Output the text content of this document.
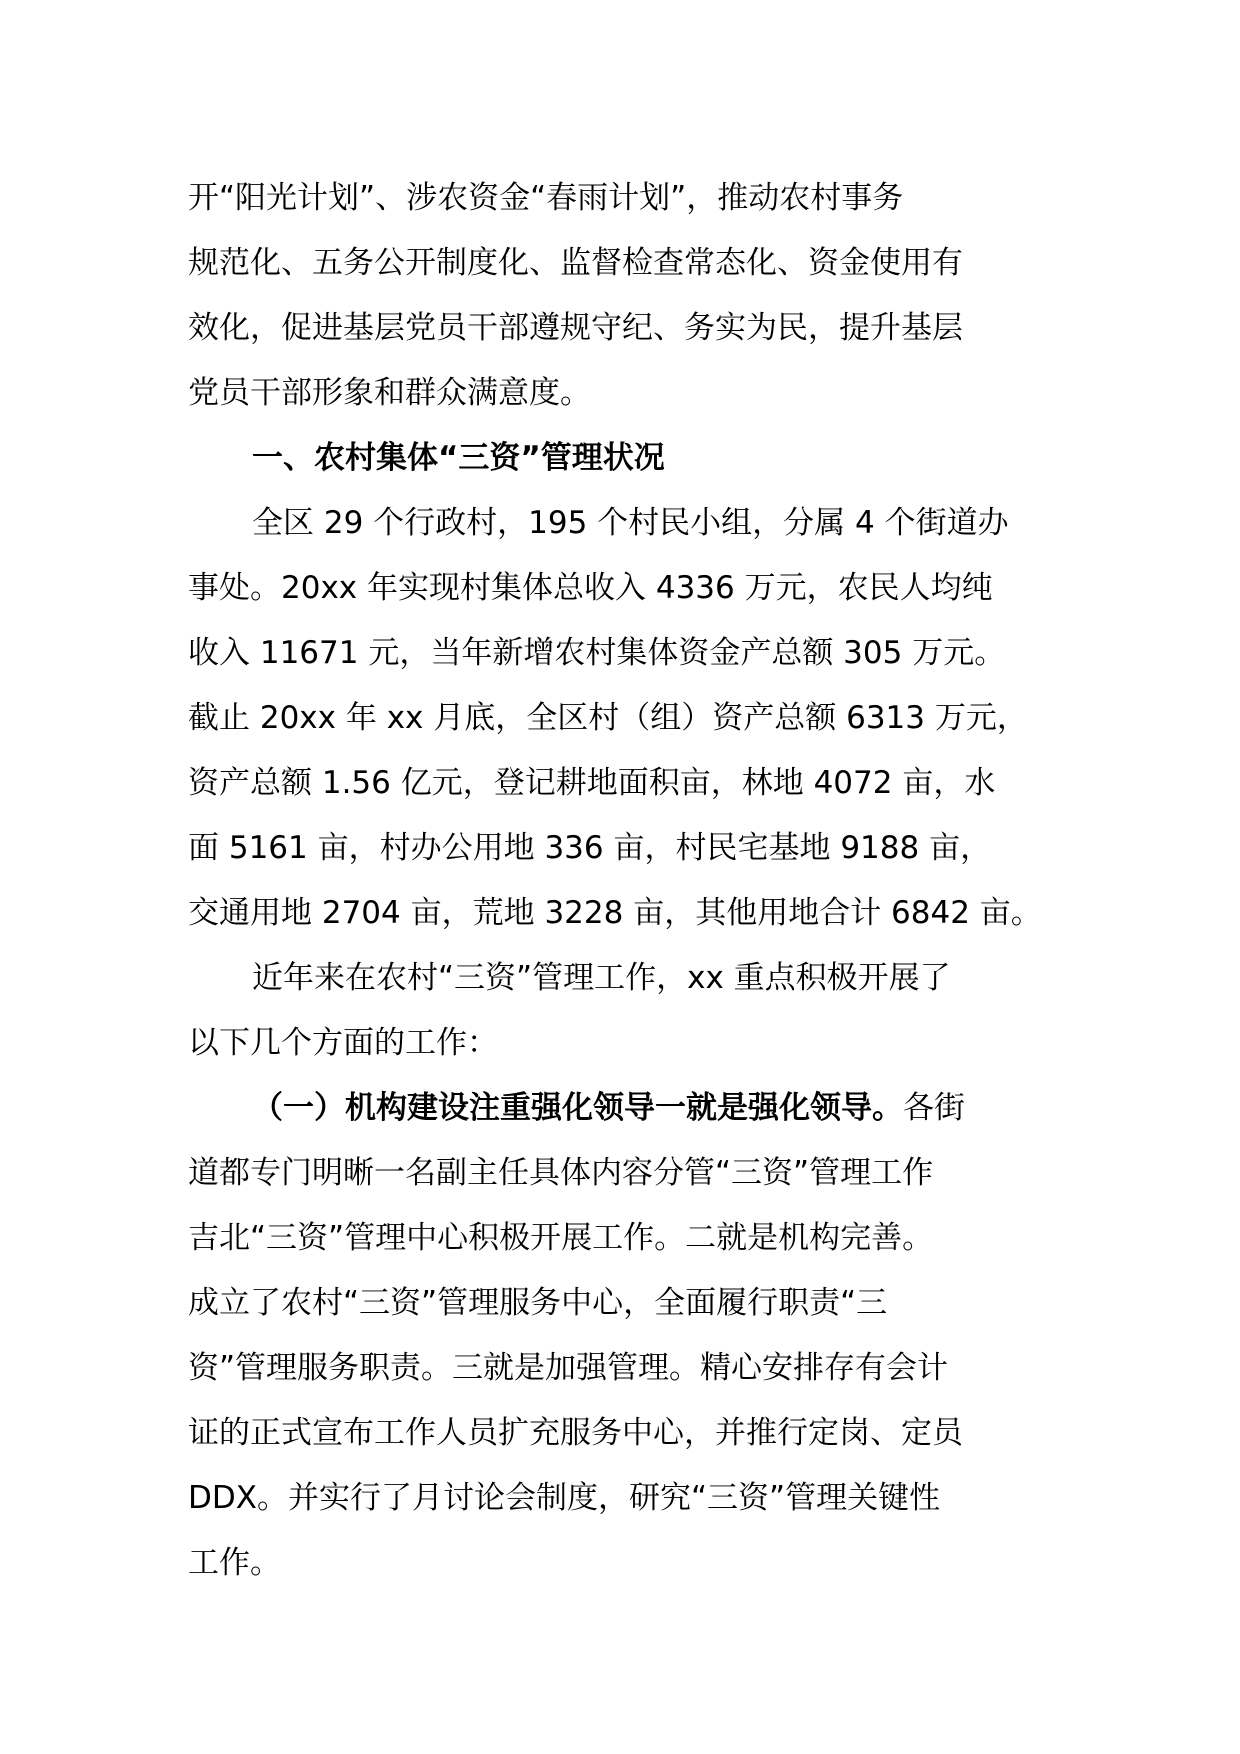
开“阳光计划”、涉农资金“春雨计划”，推动农村事务
规范化、五务公开制度化、监督检查常态化、资金使用有
效化，促进基层党员干部遵规守纪、务实为民，提升基层
党员干部形象和群众满意度。
一、农村集体“三资”管理状况
全区 29 个行政村，195 个村民小组，分属 4 个街道办
事处。20xx 年实现村集体总收入 4336 万元，农民人均纯
收入 11671 元，当年新增农村集体资金产总额 305 万元。
截止 20xx 年 xx 月底，全区村（组）资产总额 6313 万元，
资产总额 1.56 亿元，登记耕地面积亩，林地 4072 亩，水
面 5161 亩，村办公用地 336 亩，村民宅基地 9188 亩，
交通用地 2704 亩，荒地 3228 亩，其他用地合计 6842 亩。
近年来在农村“三资”管理工作，xx 重点积极开展了
以下几个方面的工作：
（一）机构建设注重强化领导一就是强化领导。各街
道都专门明晰一名副主任具体内容分管“三资”管理工作
吉北“三资”管理中心积极开展工作。二就是机构完善。
成立了农村“三资”管理服务中心，全面履行职责“三
资”管理服务职责。三就是加强管理。精心安排存有会计
证的正式宣布工作人员扩充服务中心，并推行定岗、定员
DDX。并实行了月讨论会制度，研究“三资”管理关键性
工作。
